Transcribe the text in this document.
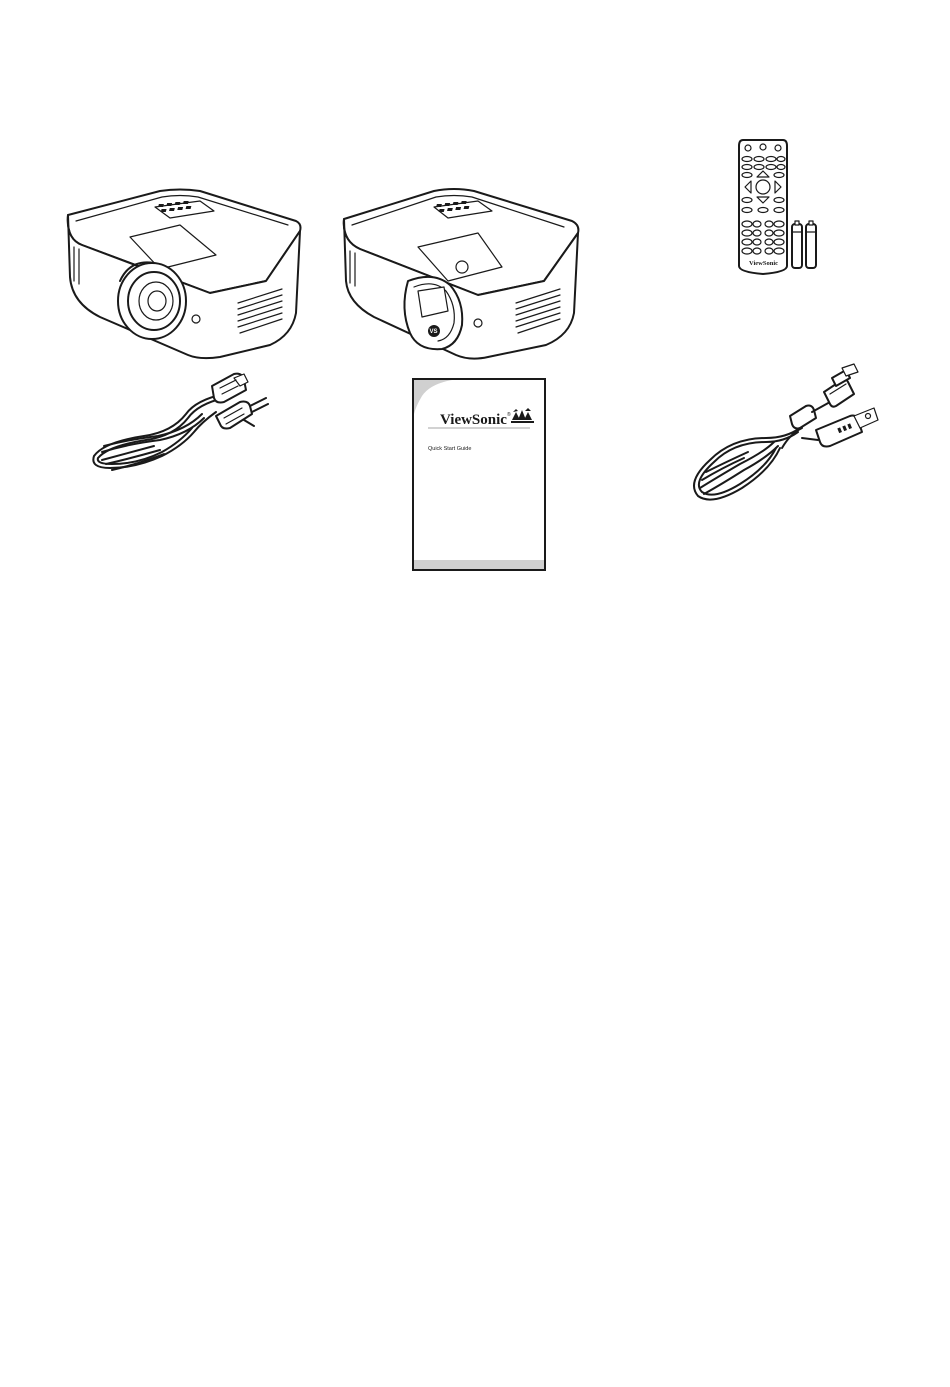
VS
ViewSonic
ViewSonic ®
Quick Start Guide
